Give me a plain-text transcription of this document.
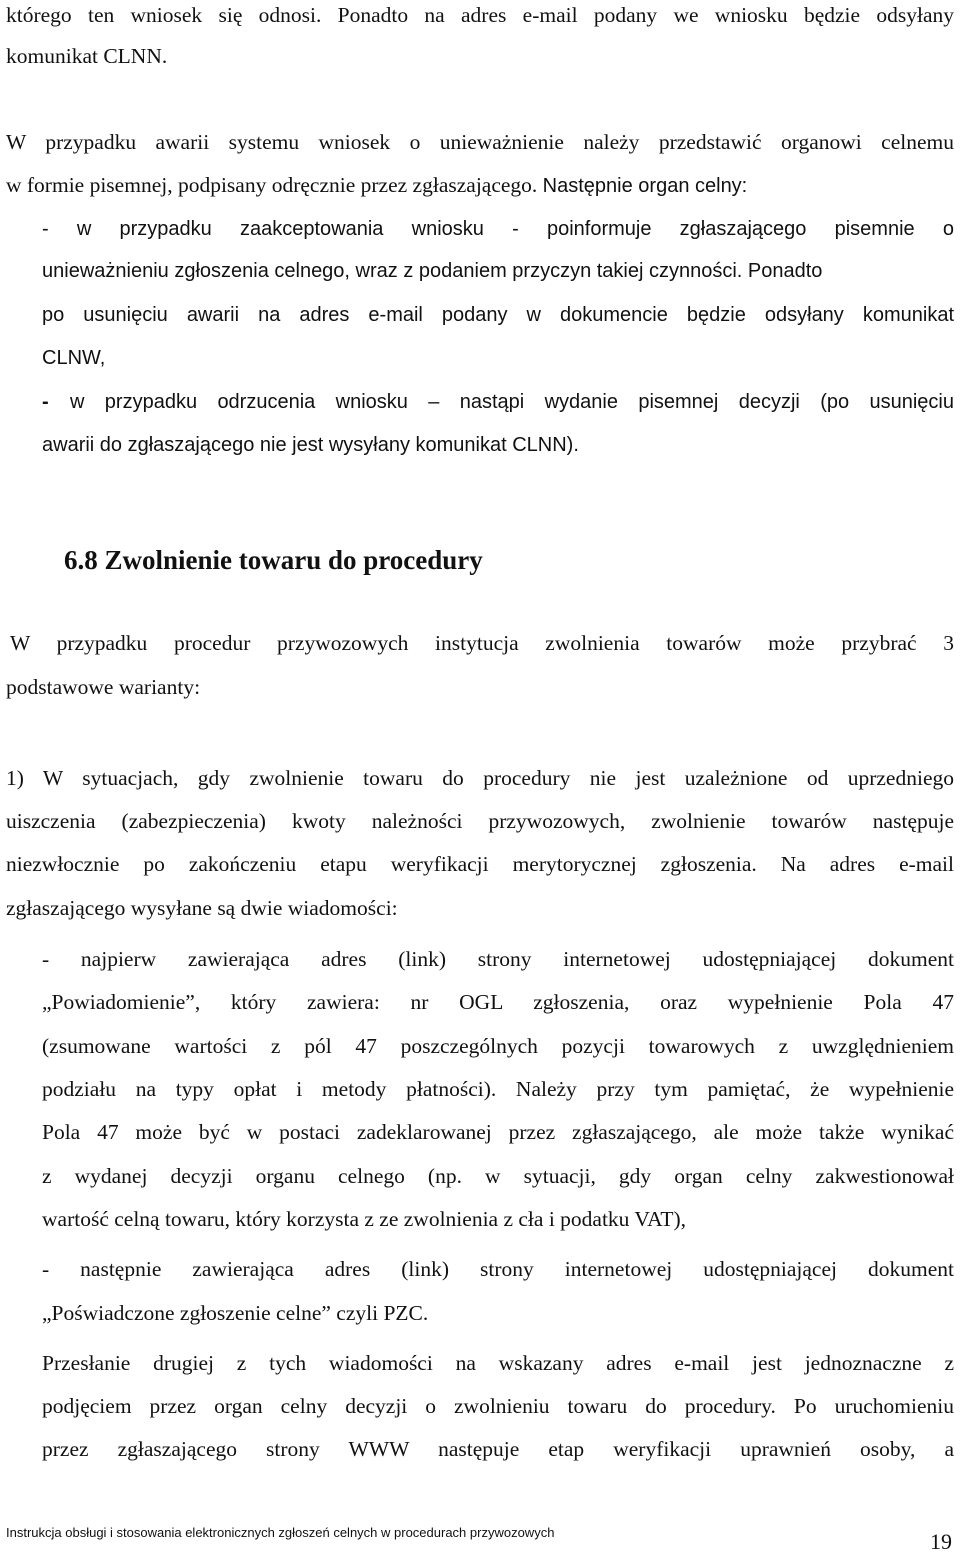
którego ten wniosek się odnosi. Ponadto na adres e-mail podany we wniosku będzie odsyłany
komunikat CLNN.
W przypadku awarii systemu wniosek o unieważnienie należy przedstawić organowi celnemu
w formie pisemnej, podpisany odręcznie przez zgłaszającego. Następnie organ celny:
- w przypadku zaakceptowania wniosku - poinformuje zgłaszającego pisemnie o
unieważnieniu zgłoszenia celnego, wraz z podaniem przyczyn takiej czynności. Ponadto
po usunięciu awarii na adres e-mail podany w dokumencie będzie odsyłany komunikat
CLNW,
- w przypadku odrzucenia wniosku – nastąpi wydanie pisemnej decyzji (po usunięciu
awarii do zgłaszającego nie jest wysyłany komunikat CLNN).
6.8 Zwolnienie towaru do procedury
W przypadku procedur przywozowych instytucja zwolnienia towarów może przybrać 3
podstawowe warianty:
1) W sytuacjach, gdy zwolnienie towaru do procedury nie jest uzależnione od uprzedniego
uiszczenia (zabezpieczenia) kwoty należności przywozowych, zwolnienie towarów następuje
niezwłocznie po zakończeniu etapu weryfikacji merytorycznej zgłoszenia. Na adres e-mail
zgłaszającego wysyłane są dwie wiadomości:
- najpierw zawierająca adres (link) strony internetowej udostępniającej dokument
„Powiadomienie”, który zawiera: nr OGL zgłoszenia, oraz wypełnienie Pola 47
(zsumowane wartości z pól 47 poszczególnych pozycji towarowych z uwzględnieniem
podziału na typy opłat i metody płatności). Należy przy tym pamiętać, że wypełnienie
Pola 47 może być w postaci zadeklarowanej przez zgłaszającego, ale może także wynikać
z wydanej decyzji organu celnego (np. w sytuacji, gdy organ celny zakwestionował
wartość celną towaru, który korzysta z ze zwolnienia z cła i podatku VAT),
- następnie zawierająca adres (link) strony internetowej udostępniającej dokument
„Poświadczone zgłoszenie celne” czyli PZC.
Przesłanie drugiej z tych wiadomości na wskazany adres e-mail jest jednoznaczne z
podjęciem przez organ celny decyzji o zwolnieniu towaru do procedury. Po uruchomieniu
przez zgłaszającego strony WWW następuje etap weryfikacji uprawnień osoby, a
Instrukcja obsługi i stosowania elektronicznych zgłoszeń celnych w procedurach przywozowych	19
